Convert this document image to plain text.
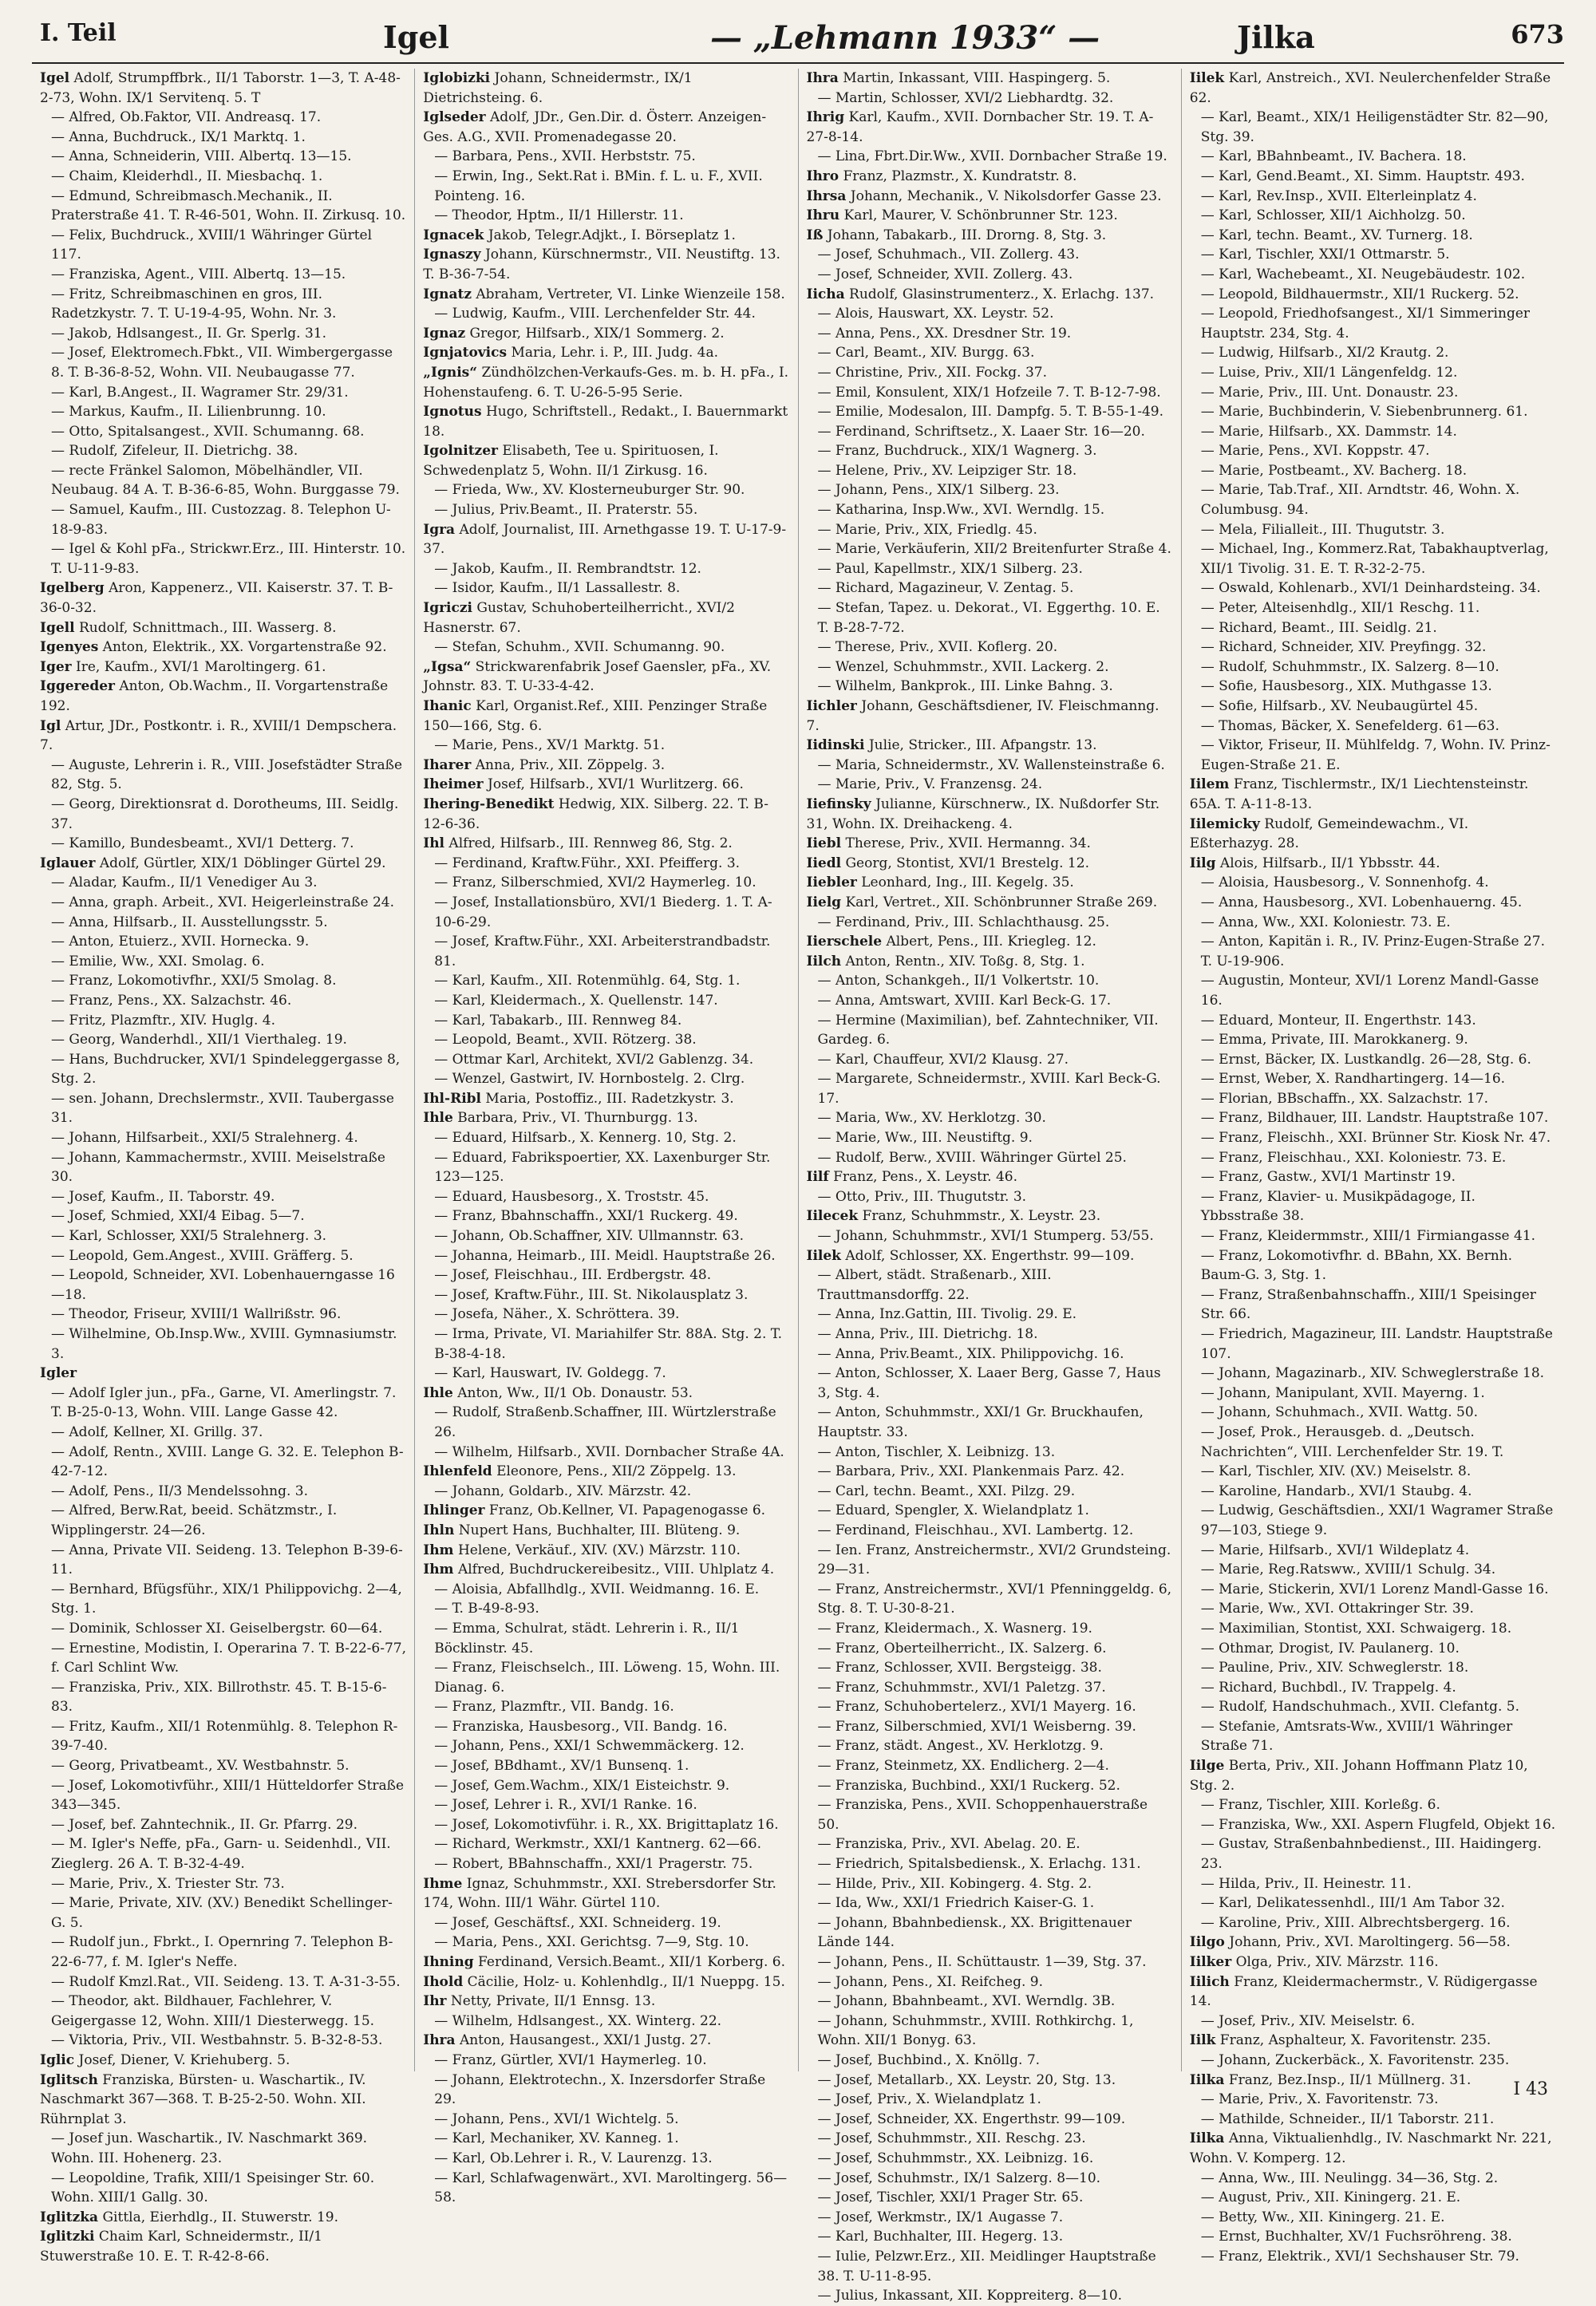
I. Teil	Igel	— „Lehmann 1933“ —	Jilka	673

Igel Adolf, Strumpffbrk., II/1 Taborstr. 1—3, T. A-48-2-73, Wohn. IX/1 Servitenq. 5. T

— Alfred, Ob.Faktor, VII. Andreasq. 17.

— Anna, Buchdruck., IX/1 Marktq. 1.

— Anna, Schneiderin, VIII. Albertq. 13—15.

— Chaim, Kleiderhdl., II. Miesbachq. 1.

— Edmund, Schreibmasch.Mechanik., II. Praterstraße 41. T. R-46-501, Wohn. II. Zirkusq. 10.

— Felix, Buchdruck., XVIII/1 Währinger Gürtel 117.

— Franziska, Agent., VIII. Albertq. 13—15.

— Fritz, Schreibmaschinen en gros, III. Radetzkystr. 7. T. U-19-4-95, Wohn. Nr. 3.

— Jakob, Hdlsangest., II. Gr. Sperlg. 31.

— Josef, Elektromech.Fbkt., VII. Wimbergergasse 8. T. B-36-8-52, Wohn. VII. Neubaugasse 77.

— Karl, B.Angest., II. Wagramer Str. 29/31.

— Markus, Kaufm., II. Lilienbrunng. 10.

— Otto, Spitalsangest., XVII. Schumanng. 68.

— Rudolf, Zifeleur, II. Dietrichg. 38.

— recte Fränkel Salomon, Möbelhändler, VII. Neubaug. 84 A. T. B-36-6-85, Wohn. Burggasse 79.

— Samuel, Kaufm., III. Custozzag. 8. Telephon U-18-9-83.

— Igel & Kohl pFa., Strickwr.Erz., III. Hinterstr. 10. T. U-11-9-83.

Igelberg Aron, Kappenerz., VII. Kaiserstr. 37. T. B-36-0-32.

Igell Rudolf, Schnittmach., III. Wasserg. 8.

Igenyes Anton, Elektrik., XX. Vorgartenstraße 92.

Iger Ire, Kaufm., XVI/1 Maroltingerg. 61.

Iggereder Anton, Ob.Wachm., II. Vorgartenstraße 192.

Igl Artur, JDr., Postkontr. i. R., XVIII/1 Dempschera. 7.

— Auguste, Lehrerin i. R., VIII. Josefstädter Straße 82, Stg. 5.

— Georg, Direktionsrat d. Dorotheums, III. Seidlg. 37.

— Kamillo, Bundesbeamt., XVI/1 Detterg. 7.

Iglauer Adolf, Gürtler, XIX/1 Döblinger Gürtel 29.

— Aladar, Kaufm., II/1 Venediger Au 3.

— Anna, graph. Arbeit., XVI. Heigerleinstraße 24.

— Anna, Hilfsarb., II. Ausstellungsstr. 5.

— Anton, Etuierz., XVII. Hornecka. 9.

— Emilie, Ww., XXI. Smolag. 6.

— Franz, Lokomotivfhr., XXI/5 Smolag. 8.

— Franz, Pens., XX. Salzachstr. 46.

— Fritz, Plazmftr., XIV. Huglg. 4.

— Georg, Wanderhdl., XII/1 Vierthaleg. 19.

— Hans, Buchdrucker, XVI/1 Spindeleggergasse 8, Stg. 2.

— sen. Johann, Drechslermstr., XVII. Taubergasse 31.

— Johann, Hilfsarbeit., XXI/5 Stralehnerg. 4.

— Johann, Kammachermstr., XVIII. Meiselstraße 30.

— Josef, Kaufm., II. Taborstr. 49.

— Josef, Schmied, XXI/4 Eibag. 5—7.

— Karl, Schlosser, XXI/5 Stralehnerg. 3.

— Leopold, Gem.Angest., XVIII. Gräfferg. 5.

— Leopold, Schneider, XVI. Lobenhauerngasse 16—18.

— Theodor, Friseur, XVIII/1 Wallrißstr. 96.

— Wilhelmine, Ob.Insp.Ww., XVIII. Gymnasiumstr. 3.

Igler

— Adolf Igler jun., pFa., Garne, VI. Amerlingstr. 7. T. B-25-0-13, Wohn. VIII. Lange Gasse 42.

— Adolf, Kellner, XI. Grillg. 37.

— Adolf, Rentn., XVIII. Lange G. 32. E. Telephon B-42-7-12.

— Adolf, Pens., II/3 Mendelssohng. 3.

— Alfred, Berw.Rat, beeid. Schätzmstr., I. Wipplingerstr. 24—26.

— Anna, Private VII. Seideng. 13. Telephon B-39-6-11.

— Bernhard, Bfügsführ., XIX/1 Philippovichg. 2—4, Stg. 1.

— Dominik, Schlosser XI. Geiselbergstr. 60—64.

— Ernestine, Modistin, I. Operarina 7. T. B-22-6-77, f. Carl Schlint Ww.

— Franziska, Priv., XIX. Billrothstr. 45. T. B-15-6-83.

— Fritz, Kaufm., XII/1 Rotenmühlg. 8. Telephon R-39-7-40.

— Georg, Privatbeamt., XV. Westbahnstr. 5.

— Josef, Lokomotivführ., XIII/1 Hütteldorfer Straße 343—345.

— Josef, bef. Zahntechnik., II. Gr. Pfarrg. 29.

— M. Igler's Neffe, pFa., Garn- u. Seidenhdl., VII. Zieglerg. 26 A. T. B-32-4-49.

— Marie, Priv., X. Triester Str. 73.

— Marie, Private, XIV. (XV.) Benedikt Schellinger-G. 5.

— Rudolf jun., Fbrkt., I. Opernring 7. Telephon B-22-6-77, f. M. Igler's Neffe.

— Rudolf Kmzl.Rat., VII. Seideng. 13. T. A-31-3-55.

— Theodor, akt. Bildhauer, Fachlehrer, V. Geigergasse 12, Wohn. XIII/1 Diesterwegg. 15.

— Viktoria, Priv., VII. Westbahnstr. 5. B-32-8-53.

Iglic Josef, Diener, V. Kriehuberg. 5.

Iglitsch Franziska, Bürsten- u. Waschartik., IV. Naschmarkt 367—368. T. B-25-2-50. Wohn. XII. Rührnplat 3.

— Josef jun. Waschartik., IV. Naschmarkt 369. Wohn. III. Hohenerg. 23.

— Leopoldine, Trafik, XIII/1 Speisinger Str. 60. Wohn. XIII/1 Gallg. 30.

Iglitzka Gittla, Eierhdlg., II. Stuwerstr. 19.

Iglitzki Chaim Karl, Schneidermstr., II/1 Stuwerstraße 10. E. T. R-42-8-66.

Iglobizki Johann, Schneidermstr., IX/1 Dietrichsteing. 6.

Iglseder Adolf, JDr., Gen.Dir. d. Österr. Anzeigen-Ges. A.G., XVII. Promenadegasse 20.

— Barbara, Pens., XVII. Herbststr. 75.

— Erwin, Ing., Sekt.Rat i. BMin. f. L. u. F., XVII. Pointeng. 16.

— Theodor, Hptm., II/1 Hillerstr. 11.

Ignacek Jakob, Telegr.Adjkt., I. Börseplatz 1.

Ignaszy Johann, Kürschnermstr., VII. Neustiftg. 13. T. B-36-7-54.

Ignatz Abraham, Vertreter, VI. Linke Wienzeile 158.

— Ludwig, Kaufm., VIII. Lerchenfelder Str. 44.

Ignaz Gregor, Hilfsarb., XIX/1 Sommerg. 2.

Ignjatovics Maria, Lehr. i. P., III. Judg. 4a.

„Ignis“ Zündhölzchen-Verkaufs-Ges. m. b. H. pFa., I. Hohenstaufeng. 6. T. U-26-5-95 Serie.

Ignotus Hugo, Schriftstell., Redakt., I. Bauernmarkt 18.

Igolnitzer Elisabeth, Tee u. Spirituosen, I. Schwedenplatz 5, Wohn. II/1 Zirkusg. 16.

— Frieda, Ww., XV. Klosterneuburger Str. 90.

— Julius, Priv.Beamt., II. Praterstr. 55.

Igra Adolf, Journalist, III. Arnethgasse 19. T. U-17-9-37.

— Jakob, Kaufm., II. Rembrandtstr. 12.

— Isidor, Kaufm., II/1 Lassallestr. 8.

Igriczi Gustav, Schuhoberteilherricht., XVI/2 Hasnerstr. 67.

— Stefan, Schuhm., XVII. Schumanng. 90.

„Igsa“ Strickwarenfabrik Josef Gaensler, pFa., XV. Johnstr. 83. T. U-33-4-42.

Ihanic Karl, Organist.Ref., XIII. Penzinger Straße 150—166, Stg. 6.

— Marie, Pens., XV/1 Marktg. 51.

Iharer Anna, Priv., XII. Zöppelg. 3.

Iheimer Josef, Hilfsarb., XVI/1 Wurlitzerg. 66.

Ihering-Benedikt Hedwig, XIX. Silberg. 22. T. B-12-6-36.

Ihl Alfred, Hilfsarb., III. Rennweg 86, Stg. 2.

— Ferdinand, Kraftw.Führ., XXI. Pfeifferg. 3.

— Franz, Silberschmied, XVI/2 Haymerleg. 10.

— Josef, Installationsbüro, XVI/1 Biederg. 1. T. A-10-6-29.

— Josef, Kraftw.Führ., XXI. Arbeiterstrandbadstr. 81.

— Karl, Kaufm., XII. Rotenmühlg. 64, Stg. 1.

— Karl, Kleidermach., X. Quellenstr. 147.

— Karl, Tabakarb., III. Rennweg 84.

— Leopold, Beamt., XVII. Rötzerg. 38.

— Ottmar Karl, Architekt, XVI/2 Gablenzg. 34.

— Wenzel, Gastwirt, IV. Hornbostelg. 2. Clrg.

Ihl-Ribl Maria, Postoffiz., III. Radetzkystr. 3.

Ihle Barbara, Priv., VI. Thurnburgg. 13.

— Eduard, Hilfsarb., X. Kennerg. 10, Stg. 2.

— Eduard, Fabrikspoertier, XX. Laxenburger Str. 123—125.

— Eduard, Hausbesorg., X. Troststr. 45.

— Franz, Bbahnschaffn., XXI/1 Ruckerg. 49.

— Johann, Ob.Schaffner, XIV. Ullmannstr. 63.

— Johanna, Heimarb., III. Meidl. Hauptstraße 26.

— Josef, Fleischhau., III. Erdbergstr. 48.

— Josef, Kraftw.Führ., III. St. Nikolausplatz 3.

— Josefa, Näher., X. Schröttera. 39.

— Irma, Private, VI. Mariahilfer Str. 88A. Stg. 2. T. B-38-4-18.

— Karl, Hauswart, IV. Goldegg. 7.

Ihle Anton, Ww., II/1 Ob. Donaustr. 53.

— Rudolf, Straßenb.Schaffner, III. Würtzlerstraße 26.

— Wilhelm, Hilfsarb., XVII. Dornbacher Straße 4A.

Ihlenfeld Eleonore, Pens., XII/2 Zöppelg. 13.

— Johann, Goldarb., XIV. Märzstr. 42.

Ihlinger Franz, Ob.Kellner, VI. Papagenogasse 6.

Ihln Nupert Hans, Buchhalter, III. Blüteng. 9.

Ihm Helene, Verkäuf., XIV. (XV.) Märzstr. 110.

Ihm Alfred, Buchdruckereibesitz., VIII. Uhlplatz 4.

— Aloisia, Abfallhdlg., XVII. Weidmanng. 16. E.

— T. B-49-8-93.

— Emma, Schulrat, städt. Lehrerin i. R., II/1 Böcklinstr. 45.

— Franz, Fleischselch., III. Löweng. 15, Wohn. III. Dianag. 6.

— Franz, Plazmftr., VII. Bandg. 16.

— Franziska, Hausbesorg., VII. Bandg. 16.

— Johann, Pens., XXI/1 Schwemmäckerg. 12.

— Josef, BBdhamt., XV/1 Bunsenq. 1.

— Josef, Gem.Wachm., XIX/1 Eisteichstr. 9.

— Josef, Lehrer i. R., XVI/1 Ranke. 16.

— Josef, Lokomotivführ. i. R., XX. Brigittaplatz 16.

— Richard, Werkmstr., XXI/1 Kantnerg. 62—66.

— Robert, BBahnschaffn., XXI/1 Pragerstr. 75.

Ihme Ignaz, Schuhmmstr., XXI. Strebersdorfer Str. 174, Wohn. III/1 Währ. Gürtel 110.

— Josef, Geschäftsf., XXI. Schneiderg. 19.

— Maria, Pens., XXI. Gerichtsg. 7—9, Stg. 10.

Ihning Ferdinand, Versich.Beamt., XII/1 Korberg. 6.

Ihold Cäcilie, Holz- u. Kohlenhdlg., II/1 Nueppg. 15.

Ihr Netty, Private, II/1 Ennsg. 13.

— Wilhelm, Hdlsangest., XX. Winterg. 22.

Ihra Anton, Hausangest., XXI/1 Justg. 27.

— Franz, Gürtler, XVI/1 Haymerleg. 10.

— Johann, Elektrotechn., X. Inzersdorfer Straße 29.

— Johann, Pens., XVI/1 Wichtelg. 5.

— Karl, Mechaniker, XV. Kanneg. 1.

— Karl, Ob.Lehrer i. R., V. Laurenzg. 13.

— Karl, Schlafwagenwärt., XVI. Maroltingerg. 56—58.

Ihra Martin, Inkassant, VIII. Haspingerg. 5.

— Martin, Schlosser, XVI/2 Liebhardtg. 32.

Ihrig Karl, Kaufm., XVII. Dornbacher Str. 19. T. A-27-8-14.

— Lina, Fbrt.Dir.Ww., XVII. Dornbacher Straße 19.

Ihro Franz, Plazmstr., X. Kundratstr. 8.

Ihrsa Johann, Mechanik., V. Nikolsdorfer Gasse 23.

Ihru Karl, Maurer, V. Schönbrunner Str. 123.

Iß Johann, Tabakarb., III. Drorng. 8, Stg. 3.

— Josef, Schuhmach., VII. Zollerg. 43.

— Josef, Schneider, XVII. Zollerg. 43.

Iicha Rudolf, Glasinstrumenterz., X. Erlachg. 137.

— Alois, Hauswart, XX. Leystr. 52.

— Anna, Pens., XX. Dresdner Str. 19.

— Carl, Beamt., XIV. Burgg. 63.

— Christine, Priv., XII. Fockg. 37.

— Emil, Konsulent, XIX/1 Hofzeile 7. T. B-12-7-98.

— Emilie, Modesalon, III. Dampfg. 5. T. B-55-1-49.

— Ferdinand, Schriftsetz., X. Laaer Str. 16—20.

— Franz, Buchdruck., XIX/1 Wagnerg. 3.

— Helene, Priv., XV. Leipziger Str. 18.

— Johann, Pens., XIX/1 Silberg. 23.

— Katharina, Insp.Ww., XVI. Werndlg. 15.

— Marie, Priv., XIX, Friedlg. 45.

— Marie, Verkäuferin, XII/2 Breitenfurter Straße 4.

— Paul, Kapellmstr., XIX/1 Silberg. 23.

— Richard, Magazineur, V. Zentag. 5.

— Stefan, Tapez. u. Dekorat., VI. Eggerthg. 10. E. T. B-28-7-72.

— Therese, Priv., XVII. Koflerg. 20.

— Wenzel, Schuhmmstr., XVII. Lackerg. 2.

— Wilhelm, Bankprok., III. Linke Bahng. 3.

Iichler Johann, Geschäftsdiener, IV. Fleischmanng. 7.

Iidinski Julie, Stricker., III. Afpangstr. 13.

— Maria, Schneidermstr., XV. Wallensteinstraße 6.

— Marie, Priv., V. Franzensg. 24.

Iiefinsky Julianne, Kürschnerw., IX. Nußdorfer Str. 31, Wohn. IX. Dreihackeng. 4.

Iiebl Therese, Priv., XVII. Hermanng. 34.

Iiedl Georg, Stontist, XVI/1 Brestelg. 12.

Iiebler Leonhard, Ing., III. Kegelg. 35.

Iielg Karl, Vertret., XII. Schönbrunner Straße 269.

— Ferdinand, Priv., III. Schlachthausg. 25.

Iierschele Albert, Pens., III. Kriegleg. 12.

Iilch Anton, Rentn., XIV. Toßg. 8, Stg. 1.

— Anton, Schankgeh., II/1 Volkertstr. 10.

— Anna, Amtswart, XVIII. Karl Beck-G. 17.

— Hermine (Maximilian), bef. Zahntechniker, VII. Gardeg. 6.

— Karl, Chauffeur, XVI/2 Klausg. 27.

— Margarete, Schneidermstr., XVIII. Karl Beck-G. 17.

— Maria, Ww., XV. Herklotzg. 30.

— Marie, Ww., III. Neustiftg. 9.

— Rudolf, Berw., XVIII. Währinger Gürtel 25.

Iilf Franz, Pens., X. Leystr. 46.

— Otto, Priv., III. Thugutstr. 3.

Iilecek Franz, Schuhmmstr., X. Leystr. 23.

— Johann, Schuhmmstr., XVI/1 Stumperg. 53/55.

Iilek Adolf, Schlosser, XX. Engerthstr. 99—109.

— Albert, städt. Straßenarb., XIII. Trauttmansdorffg. 22.

— Anna, Inz.Gattin, III. Tivolig. 29. E.

— Anna, Priv., III. Dietrichg. 18.

— Anna, Priv.Beamt., XIX. Philippovichg. 16.

— Anton, Schlosser, X. Laaer Berg, Gasse 7, Haus 3, Stg. 4.

— Anton, Schuhmmstr., XXI/1 Gr. Bruckhaufen, Hauptstr. 33.

— Anton, Tischler, X. Leibnizg. 13.

— Barbara, Priv., XXI. Plankenmais Parz. 42.

— Carl, techn. Beamt., XXI. Pilzg. 29.

— Eduard, Spengler, X. Wielandplatz 1.

— Ferdinand, Fleischhau., XVI. Lambertg. 12.

— Ien. Franz, Anstreichermstr., XVI/2 Grundsteing. 29—31.

— Franz, Anstreichermstr., XVI/1 Pfenninggeldg. 6, Stg. 8. T. U-30-8-21.

— Franz, Kleidermach., X. Wasnerg. 19.

— Franz, Oberteilherricht., IX. Salzerg. 6.

— Franz, Schlosser, XVII. Bergsteigg. 38.

— Franz, Schuhmmstr., XVI/1 Paletzg. 37.

— Franz, Schuhobertelerz., XVI/1 Mayerg. 16.

— Franz, Silberschmied, XVI/1 Weisberng. 39.

— Franz, städt. Angest., XV. Herklotzg. 9.

— Franz, Steinmetz, XX. Endlicherg. 2—4.

— Franziska, Buchbind., XXI/1 Ruckerg. 52.

— Franziska, Pens., XVII. Schoppenhauerstraße 50.

— Franziska, Priv., XVI. Abelag. 20. E.

— Friedrich, Spitalsbediensk., X. Erlachg. 131.

— Hilde, Priv., XII. Kobingerg. 4. Stg. 2.

— Ida, Ww., XXI/1 Friedrich Kaiser-G. 1.

— Johann, Bbahnbediensk., XX. Brigittenauer Lände 144.

— Johann, Pens., II. Schüttaustr. 1—39, Stg. 37.

— Johann, Pens., XI. Reifcheg. 9.

— Johann, Bbahnbeamt., XVI. Werndlg. 3B.

— Johann, Schuhmmstr., XVIII. Rothkirchg. 1, Wohn. XII/1 Bonyg. 63.

— Josef, Buchbind., X. Knöllg. 7.

— Josef, Metallarb., XX. Leystr. 20, Stg. 13.

— Josef, Priv., X. Wielandplatz 1.

— Josef, Schneider, XX. Engerthstr. 99—109.

— Josef, Schuhmmstr., XII. Reschg. 23.

— Josef, Schuhmmstr., XX. Leibnizg. 16.

— Josef, Schuhmstr., IX/1 Salzerg. 8—10.

— Josef, Tischler, XXI/1 Prager Str. 65.

— Josef, Werkmstr., IX/1 Augasse 7.

— Karl, Buchhalter, III. Hegerg. 13.

— Iulie, Pelzwr.Erz., XII. Meidlinger Hauptstraße 38. T. U-11-8-95.

— Julius, Inkassant, XII. Koppreiterg. 8—10.

Iilek Karl, Anstreich., XVI. Neulerchenfelder Straße 62.

— Karl, Beamt., XIX/1 Heiligenstädter Str. 82—90, Stg. 39.

— Karl, BBahnbeamt., IV. Bachera. 18.

— Karl, Gend.Beamt., XI. Simm. Hauptstr. 493.

— Karl, Rev.Insp., XVII. Elterleinplatz 4.

— Karl, Schlosser, XII/1 Aichholzg. 50.

— Karl, techn. Beamt., XV. Turnerg. 18.

— Karl, Tischler, XXI/1 Ottmarstr. 5.

— Karl, Wachebeamt., XI. Neugebäudestr. 102.

— Leopold, Bildhauermstr., XII/1 Ruckerg. 52.

— Leopold, Friedhofsangest., XI/1 Simmeringer Hauptstr. 234, Stg. 4.

— Ludwig, Hilfsarb., XI/2 Krautg. 2.

— Luise, Priv., XII/1 Längenfeldg. 12.

— Marie, Priv., III. Unt. Donaustr. 23.

— Marie, Buchbinderin, V. Siebenbrunnerg. 61.

— Marie, Hilfsarb., XX. Dammstr. 14.

— Marie, Pens., XVI. Koppstr. 47.

— Marie, Postbeamt., XV. Bacherg. 18.

— Marie, Tab.Traf., XII. Arndtstr. 46, Wohn. X. Columbusg. 94.

— Mela, Filialleit., III. Thugutstr. 3.

— Michael, Ing., Kommerz.Rat, Tabakhauptverlag, XII/1 Tivolig. 31. E. T. R-32-2-75.

— Oswald, Kohlenarb., XVI/1 Deinhardsteing. 34.

— Peter, Alteisenhdlg., XII/1 Reschg. 11.

— Richard, Beamt., III. Seidlg. 21.

— Richard, Schneider, XIV. Preyfingg. 32.

— Rudolf, Schuhmmstr., IX. Salzerg. 8—10.

— Sofie, Hausbesorg., XIX. Muthgasse 13.

— Sofie, Hilfsarb., XV. Neubaugürtel 45.

— Thomas, Bäcker, X. Senefelderg. 61—63.

— Viktor, Friseur, II. Mühlfeldg. 7, Wohn. IV. Prinz-Eugen-Straße 21. E.

Iilem Franz, Tischlermstr., IX/1 Liechtensteinstr. 65A. T. A-11-8-13.

Iilemicky Rudolf, Gemeindewachm., VI. Eßterhazyg. 28.

Iilg Alois, Hilfsarb., II/1 Ybbsstr. 44.

— Aloisia, Hausbesorg., V. Sonnenhofg. 4.

— Anna, Hausbesorg., XVI. Lobenhauerng. 45.

— Anna, Ww., XXI. Koloniestr. 73. E.

— Anton, Kapitän i. R., IV. Prinz-Eugen-Straße 27. T. U-19-906.

— Augustin, Monteur, XVI/1 Lorenz Mandl-Gasse 16.

— Eduard, Monteur, II. Engerthstr. 143.

— Emma, Private, III. Marokkanerg. 9.

— Ernst, Bäcker, IX. Lustkandlg. 26—28, Stg. 6.

— Ernst, Weber, X. Randhartingerg. 14—16.

— Florian, BBschaffn., XX. Salzachstr. 17.

— Franz, Bildhauer, III. Landstr. Hauptstraße 107.

— Franz, Fleischh., XXI. Brünner Str. Kiosk Nr. 47.

— Franz, Fleischhau., XXI. Koloniestr. 73. E.

— Franz, Gastw., XVI/1 Martinstr 19.

— Franz, Klavier- u. Musikpädagoge, II. Ybbsstraße 38.

— Franz, Kleidermmstr., XIII/1 Firmiangasse 41.

— Franz, Lokomotivfhr. d. BBahn, XX. Bernh. Baum-G. 3, Stg. 1.

— Franz, Straßenbahnschaffn., XIII/1 Speisinger Str. 66.

— Friedrich, Magazineur, III. Landstr. Hauptstraße 107.

— Johann, Magazinarb., XIV. Schweglerstraße 18.

— Johann, Manipulant, XVII. Mayerng. 1.

— Johann, Schuhmach., XVII. Wattg. 50.

— Josef, Prok., Herausgeb. d. „Deutsch. Nachrichten“, VIII. Lerchenfelder Str. 19. T.

— Karl, Tischler, XIV. (XV.) Meiselstr. 8.

— Karoline, Handarb., XVI/1 Staubg. 4.

— Ludwig, Geschäftsdien., XXI/1 Wagramer Straße 97—103, Stiege 9.

— Marie, Hilfsarb., XVI/1 Wildeplatz 4.

— Marie, Reg.Ratsww., XVIII/1 Schulg. 34.

— Marie, Stickerin, XVI/1 Lorenz Mandl-Gasse 16.

— Marie, Ww., XVI. Ottakringer Str. 39.

— Maximilian, Stontist, XXI. Schwaigerg. 18.

— Othmar, Drogist, IV. Paulanerg. 10.

— Pauline, Priv., XIV. Schweglerstr. 18.

— Richard, Buchbdl., IV. Trappelg. 4.

— Rudolf, Handschuhmach., XVII. Clefantg. 5.

— Stefanie, Amtsrats-Ww., XVIII/1 Währinger Straße 71.

Iilge Berta, Priv., XII. Johann Hoffmann Platz 10, Stg. 2.

— Franz, Tischler, XIII. Korleßg. 6.

— Franziska, Ww., XXI. Aspern Flugfeld, Objekt 16.

— Gustav, Straßenbahnbedienst., III. Haidingerg. 23.

— Hilda, Priv., II. Heinestr. 11.

— Karl, Delikatessenhdl., III/1 Am Tabor 32.

— Karoline, Priv., XIII. Albrechtsbergerg. 16.

Iilgo Johann, Priv., XVI. Maroltingerg. 56—58.

Iilker Olga, Priv., XIV. Märzstr. 116.

Iilich Franz, Kleidermachermstr., V. Rüdigergasse 14.

— Josef, Priv., XIV. Meiselstr. 6.

Iilk Franz, Asphalteur, X. Favoritenstr. 235.

— Johann, Zuckerbäck., X. Favoritenstr. 235.

Iilka Franz, Bez.Insp., II/1 Müllnerg. 31.

— Marie, Priv., X. Favoritenstr. 73.

— Mathilde, Schneider., II/1 Taborstr. 211.

Iilka Anna, Viktualienhdlg., IV. Naschmarkt Nr. 221, Wohn. V. Komperg. 12.

— Anna, Ww., III. Neulingg. 34—36, Stg. 2.

— August, Priv., XII. Kiningerg. 21. E.

— Betty, Ww., XII. Kiningerg. 21. E.

— Ernst, Buchhalter, XV/1 Fuchsröhreng. 38.

— Franz, Elektrik., XVI/1 Sechshauser Str. 79.

I 43
